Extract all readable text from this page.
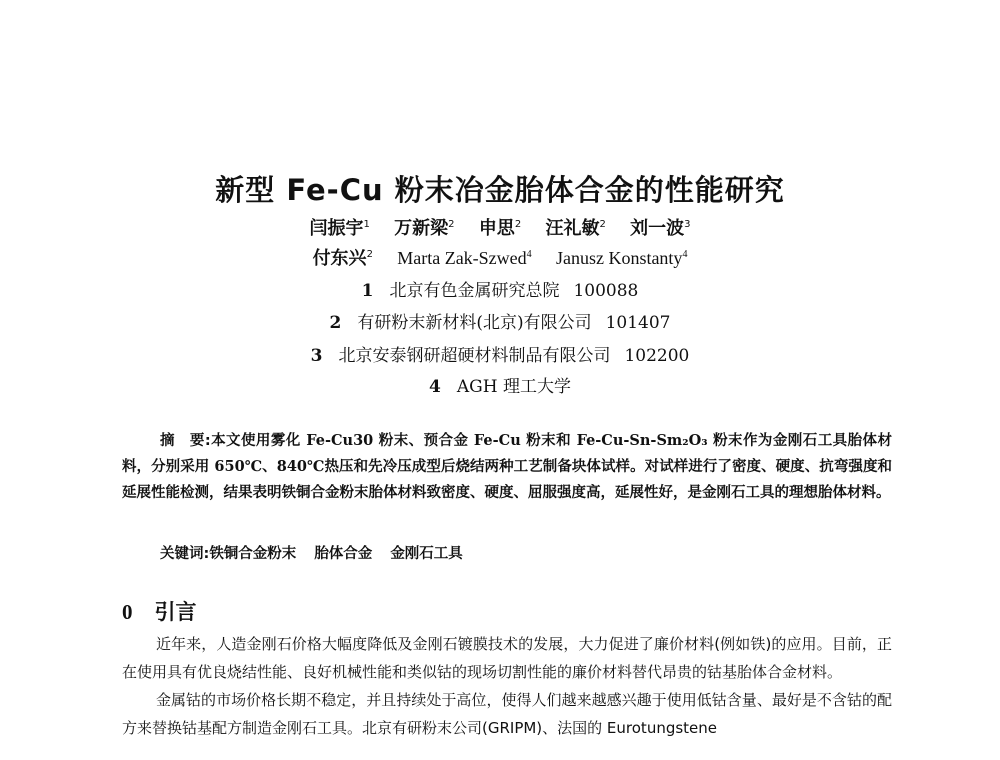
新型 Fe-Cu 粉末冶金胎体合金的性能研究
闫振宇$^1$ 万新梁$^2$ 申思$^2$ 汪礼敏$^2$ 刘一波$^3$
付东兴$^2$ Marta Zak-Szwed$^4$ Janusz Konstanty$^4$
1 北京有色金属研究总院 100088
2 有研粉末新材料(北京)有限公司 101407
3 北京安泰钢研超硬材料制品有限公司 102200
4 AGH 理工大学
摘　要:本文使用雾化 Fe-Cu30 粉末、预合金 Fe-Cu 粉末和 Fe-Cu-Sn-Sm₂O₃ 粉末作为金刚石工具胎体材料，分别采用 650℃、840℃热压和先冷压成型后烧结两种工艺制备块体试样。对试样进行了密度、硬度、抗弯强度和延展性能检测，结果表明铁铜合金粉末胎体材料致密度、硬度、屈服强度高，延展性好，是金刚石工具的理想胎体材料。
关键词:铁铜合金粉末 胎体合金 金刚石工具
0 引言

近年来，人造金刚石价格大幅度降低及金刚石镀膜技术的发展，大力促进了廉价材料(例如铁)的应用。目前，正在使用具有优良烧结性能、良好机械性能和类似钴的现场切割性能的廉价材料替代昂贵的钴基胎体合金材料。

金属钴的市场价格长期不稳定，并且持续处于高位，使得人们越来越感兴趣于使用低钴含量、最好是不含钴的配方来替换钴基配方制造金刚石工具。北京有研粉末公司(GRIPM)、法国的 Eurotungstene
